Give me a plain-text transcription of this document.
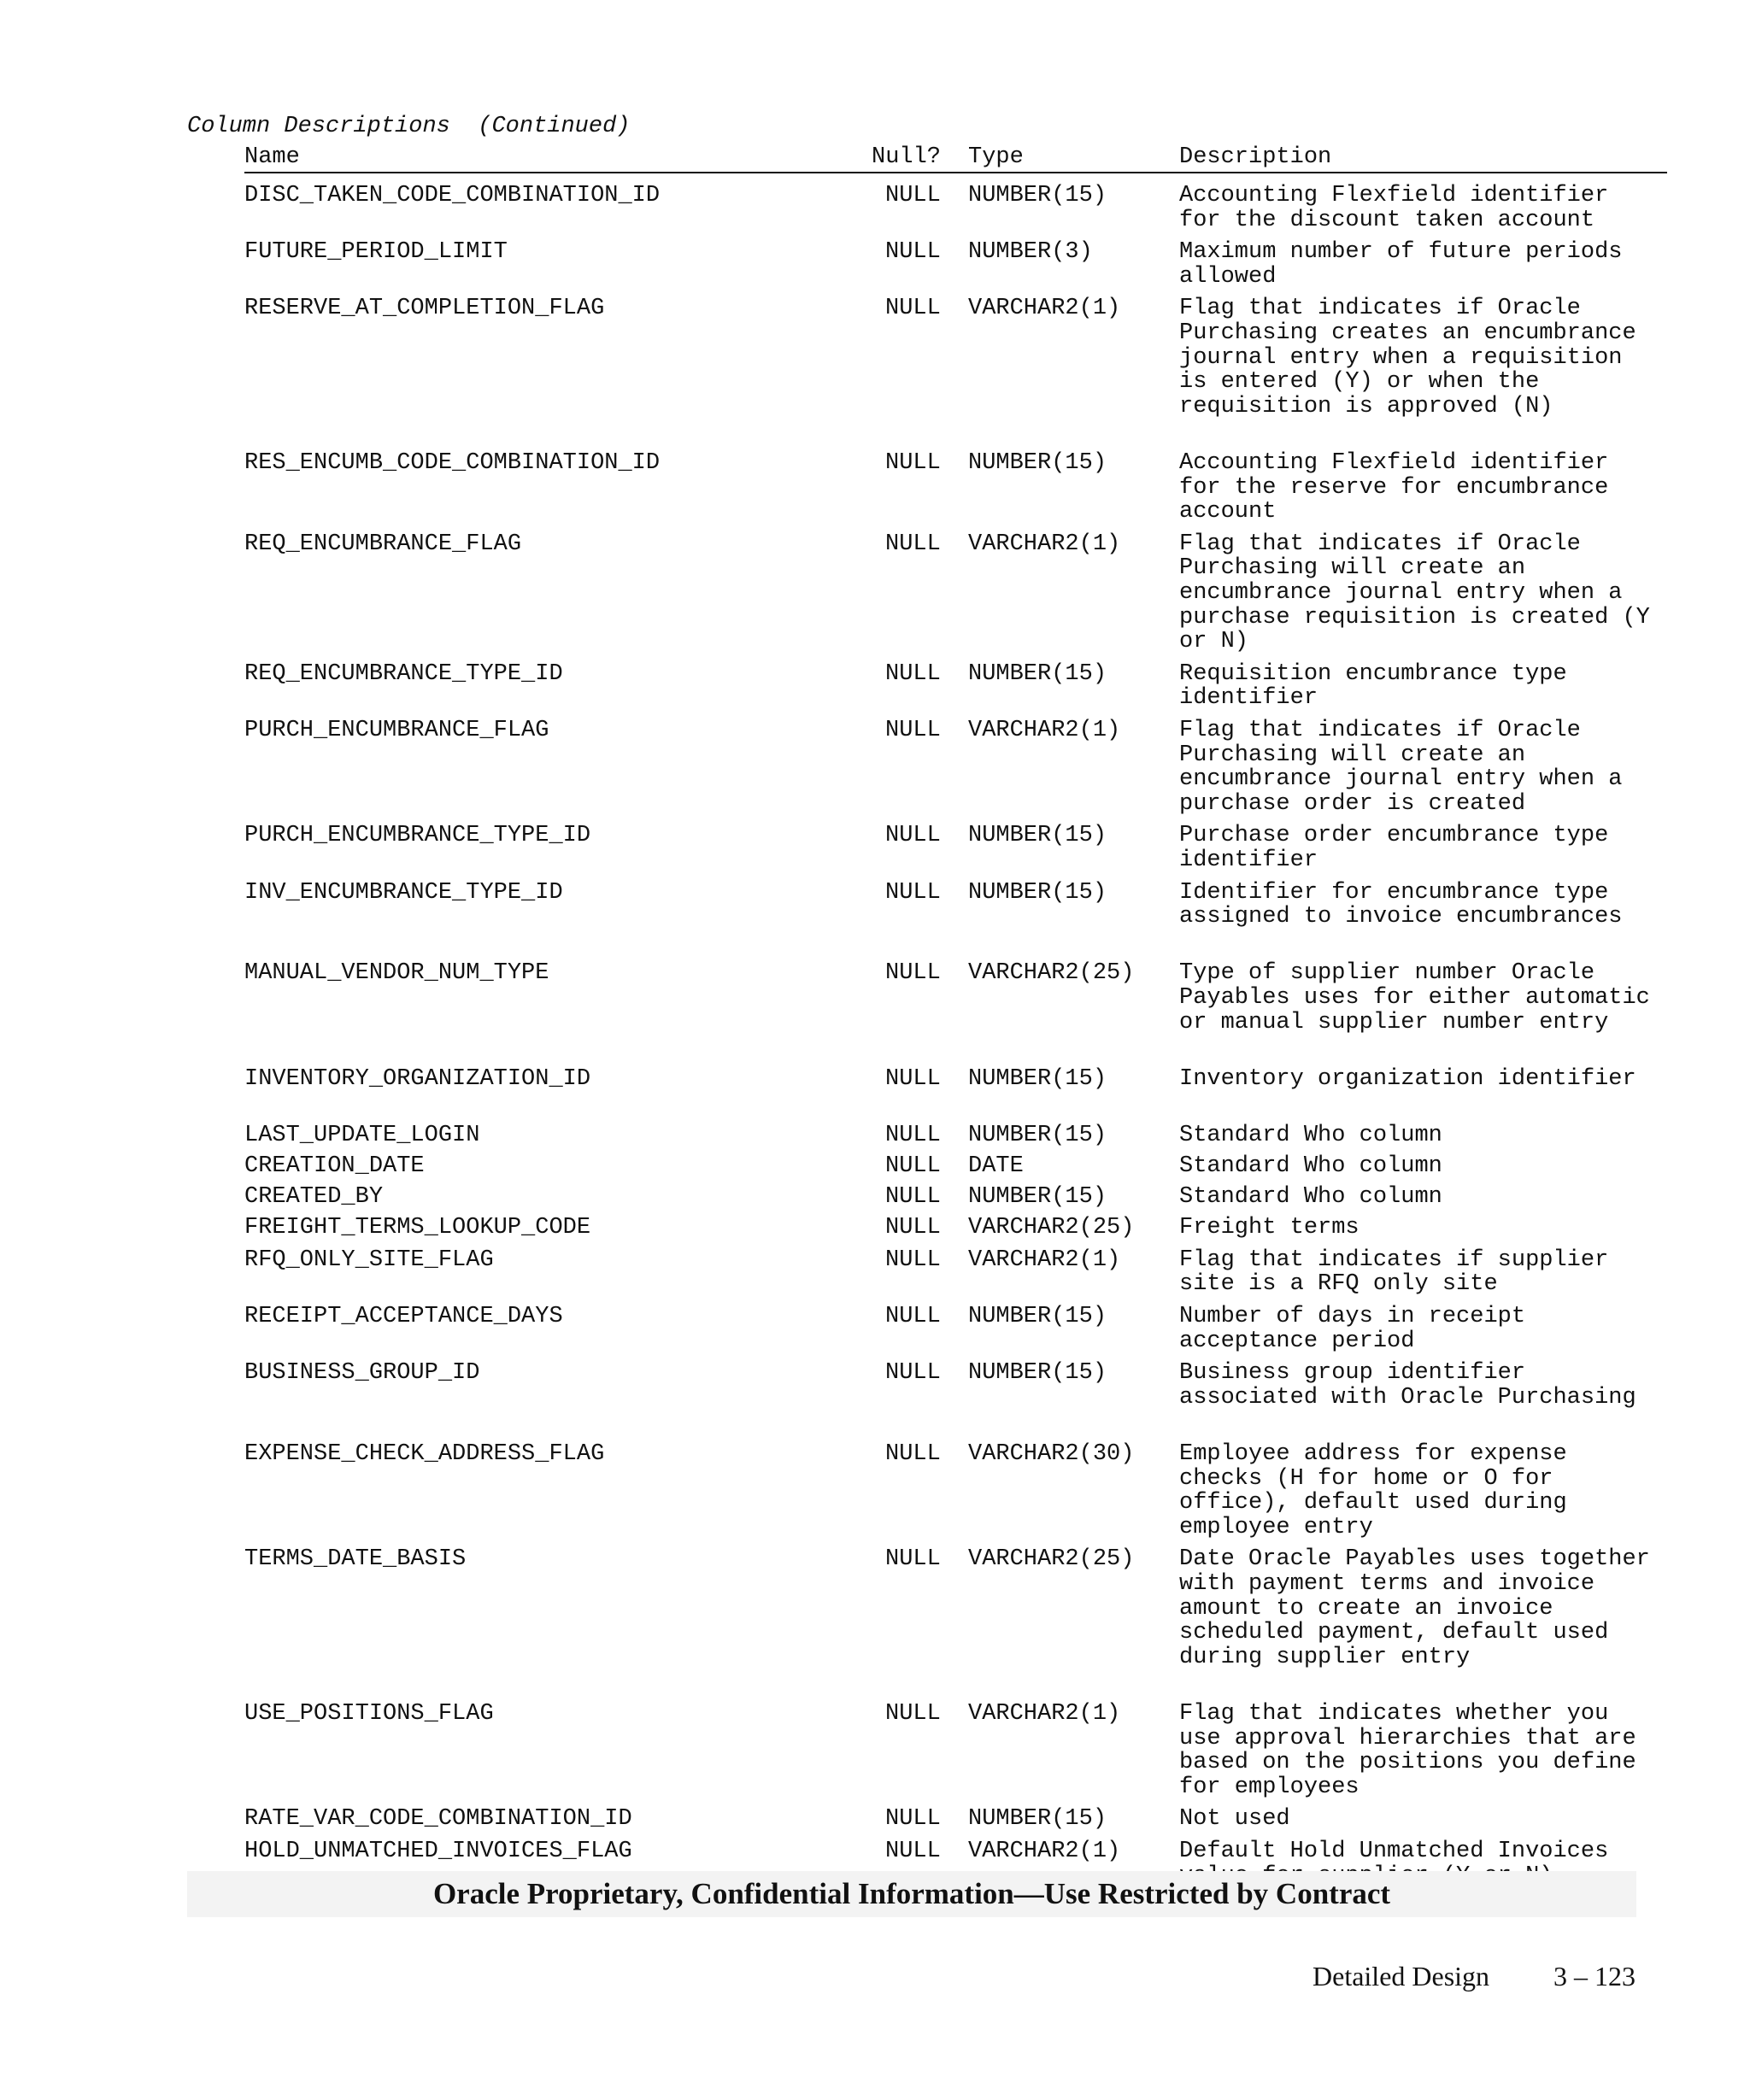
Column Descriptions  (Continued)
Name	Null? Type	Description
DISC_TAKEN_CODE_COMBINATION_ID	NULL NUMBER(15)	Accounting Flexfield identifier for the discount taken account
FUTURE_PERIOD_LIMIT	NULL NUMBER(3)	Maximum number of future periods allowed
RESERVE_AT_COMPLETION_FLAG	NULL VARCHAR2(1)	Flag that indicates if Oracle Purchasing creates an encumbrance journal entry when a requisition is entered (Y) or when the requisition is approved (N)
RES_ENCUMB_CODE_COMBINATION_ID	NULL NUMBER(15)	Accounting Flexfield identifier for the reserve for encumbrance account
REQ_ENCUMBRANCE_FLAG	NULL VARCHAR2(1)	Flag that indicates if Oracle Purchasing will create an encumbrance journal entry when a purchase requisition is created (Y or N)
REQ_ENCUMBRANCE_TYPE_ID	NULL NUMBER(15)	Requisition encumbrance type identifier
PURCH_ENCUMBRANCE_FLAG	NULL VARCHAR2(1)	Flag that indicates if Oracle Purchasing will create an encumbrance journal entry when a purchase order is created
PURCH_ENCUMBRANCE_TYPE_ID	NULL NUMBER(15)	Purchase order encumbrance type identifier
INV_ENCUMBRANCE_TYPE_ID	NULL NUMBER(15)	Identifier for encumbrance type assigned to invoice encumbrances
MANUAL_VENDOR_NUM_TYPE	NULL VARCHAR2(25) Type of supplier number Oracle Payables uses for either automatic or manual supplier number entry
INVENTORY_ORGANIZATION_ID	NULL NUMBER(15)	Inventory organization identifier
LAST_UPDATE_LOGIN	NULL NUMBER(15)	Standard Who column
CREATION_DATE	NULL DATE	Standard Who column
CREATED_BY	NULL NUMBER(15)	Standard Who column
FREIGHT_TERMS_LOOKUP_CODE	NULL VARCHAR2(25) Freight terms
RFQ_ONLY_SITE_FLAG	NULL VARCHAR2(1)	Flag that indicates if supplier site is a RFQ only site
RECEIPT_ACCEPTANCE_DAYS	NULL NUMBER(15)	Number of days in receipt acceptance period
BUSINESS_GROUP_ID	NULL NUMBER(15)	Business group identifier associated with Oracle Purchasing
EXPENSE_CHECK_ADDRESS_FLAG	NULL VARCHAR2(30) Employee address for expense checks (H for home or O for office), default used during employee entry
TERMS_DATE_BASIS	NULL VARCHAR2(25) Date Oracle Payables uses together with payment terms and invoice amount to create an invoice scheduled payment, default used during supplier entry
USE_POSITIONS_FLAG	NULL VARCHAR2(1)	Flag that indicates whether you use approval hierarchies that are based on the positions you define for employees
RATE_VAR_CODE_COMBINATION_ID	NULL NUMBER(15)	Not used
HOLD_UNMATCHED_INVOICES_FLAG	NULL VARCHAR2(1)	Default Hold Unmatched Invoices
Oracle Proprietary, Confidential Information––Use Restricted by Contract
Detailed Design 3 – 123
